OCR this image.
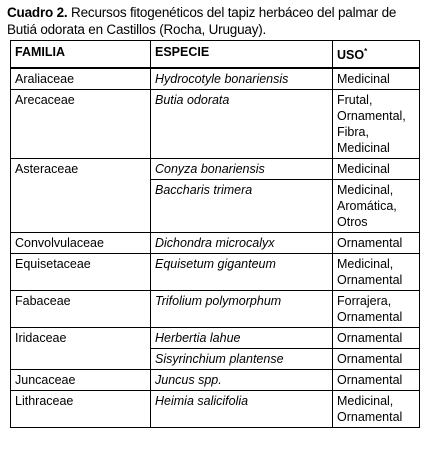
Cuadro 2. Recursos fitogenéticos del tapiz herbáceo del palmar de Butiá odorata en Castillos (Rocha, Uruguay).
FAMILIA	ESPECIE	USO*
Araliaceae	Hydrocotyle bonariensis	Medicinal

Arecaceae	Butia odorata	Frutal,
Ornamental,
Fibra,
Medicinal

Asteraceae	Conyza bonariensis	Medicinal

	Baccharis trimera	Medicinal,
Aromática,
Otros

Convolvulaceae	Dichondra microcalyx	Ornamental

Equisetaceae	Equisetum giganteum	Medicinal,
Ornamental

Fabaceae	Trifolium polymorphum	Forrajera,
Ornamental

Iridaceae	Herbertia lahue	Ornamental

	Sisyrinchium plantense	Ornamental

Juncaceae	Juncus spp.	Ornamental

Lithraceae	Heimia salicifolia	Medicinal,
Ornamental
